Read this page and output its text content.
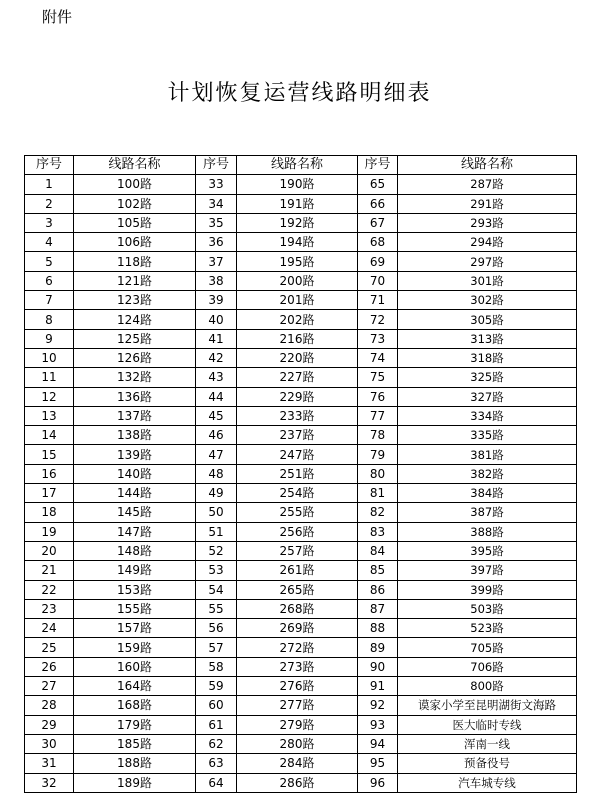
附件
计划恢复运营线路明细表
序号	线路名称	序号	线路名称	序号	线路名称
1	100路	33	190路	65	287路
2	102路	34	191路	66	291路
3	105路	35	192路	67	293路
4	106路	36	194路	68	294路
5	118路	37	195路	69	297路
6	121路	38	200路	70	301路
7	123路	39	201路	71	302路
8	124路	40	202路	72	305路
9	125路	41	216路	73	313路
10	126路	42	220路	74	318路
11	132路	43	227路	75	325路
12	136路	44	229路	76	327路
13	137路	45	233路	77	334路
14	138路	46	237路	78	335路
15	139路	47	247路	79	381路
16	140路	48	251路	80	382路
17	144路	49	254路	81	384路
18	145路	50	255路	82	387路
19	147路	51	256路	83	388路
20	148路	52	257路	84	395路
21	149路	53	261路	85	397路
22	153路	54	265路	86	399路
23	155路	55	268路	87	503路
24	157路	56	269路	88	523路
25	159路	57	272路	89	705路
26	160路	58	273路	90	706路
27	164路	59	276路	91	800路
28	168路	60	277路	92	谟家小学至昆明湖街文海路
29	179路	61	279路	93	医大临时专线
30	185路	62	280路	94	浑南一线
31	188路	63	284路	95	预备役号
32	189路	64	286路	96	汽车城专线
